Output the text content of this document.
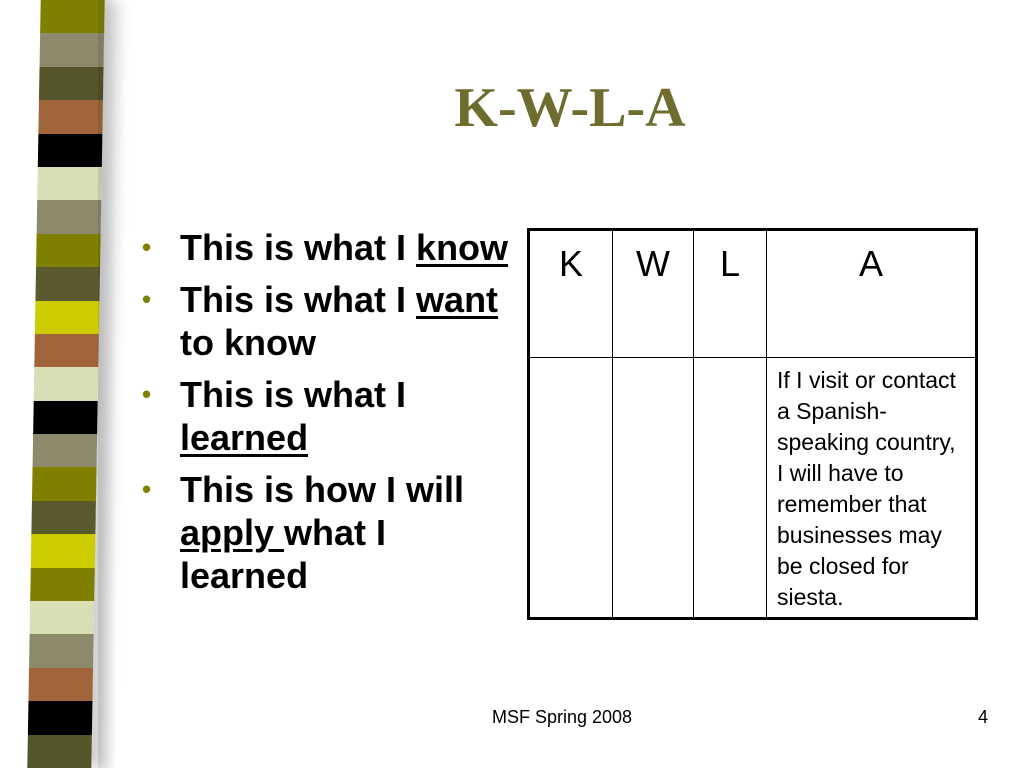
K-W-L-A
• This is what I know
• This is what I want to know
• This is what I learned
• This is how I will apply what I learned
K	W	L	A

			If I visit or contact a Spanish-speaking country, I will have to remember that businesses may be closed for siesta.
MSF Spring 2008	4
